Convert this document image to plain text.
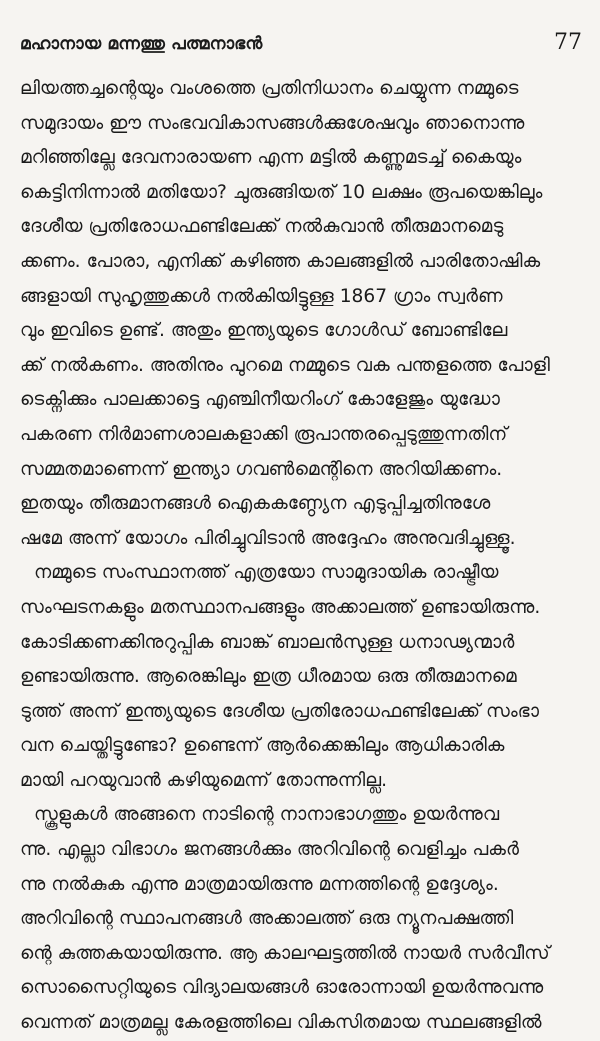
മഹാനായ മന്നത്തു പത്മനാഭൻ	77
ലിയത്തച്ചന്റെയും വംശത്തെ പ്രതിനിധാനം ചെയ്യുന്ന നമ്മുടെ
സമുദായം ഈ സംഭവവികാസങ്ങൾക്കുശേഷവും ഞാനൊന്നു
മറിഞ്ഞില്ലേ ദേവനാരായണ എന്ന മട്ടിൽ കണ്ണുമടച്ച് കൈയും
കെട്ടിനിന്നാൽ മതിയോ? ചുരുങ്ങിയത് 10 ലക്ഷം രൂപയെങ്കിലും
ദേശീയ പ്രതിരോധഫണ്ടിലേക്ക് നൽകുവാൻ തീരുമാനമെടു
ക്കണം. പോരാ, എനിക്ക് കഴിഞ്ഞ കാലങ്ങളിൽ പാരിതോഷിക
ങ്ങളായി സുഹൃത്തുക്കൾ നൽകിയിട്ടുള്ള 1867 ഗ്രാം സ്വർണ
വും ഇവിടെ ഉണ്ട്. അതും ഇന്ത്യയുടെ ഗോൾഡ് ബോണ്ടിലേ
ക്ക് നൽകണം. അതിനും പുറമെ നമ്മുടെ വക പന്തളത്തെ പോളി
ടെക്നിക്കും പാലക്കാട്ടെ എഞ്ചിനീയറിംഗ് കോളേജും യുദ്ധോ
പകരണ നിർമാണശാലകളാക്കി രൂപാന്തരപ്പെടുത്തുന്നതിന്
സമ്മതമാണെന്ന് ഇന്ത്യാ ഗവൺമെന്റിനെ അറിയിക്കണം.
ഇതയും തീരുമാനങ്ങൾ ഐകകണ്ഠ്യേന എടുപ്പിച്ചതിനുശേ
ഷമേ അന്ന് യോഗം പിരിച്ചുവിടാൻ അദ്ദേഹം അനുവദിച്ചുള്ളൂ.
നമ്മുടെ സംസ്ഥാനത്ത് എത്രയോ സാമുദായിക രാഷ്ട്രീയ
സംഘടനകളും മതസ്ഥാനപങ്ങളും അക്കാലത്ത് ഉണ്ടായിരുന്നു.
കോടിക്കണക്കിനുറുപ്പിക ബാങ്ക് ബാലൻസുള്ള ധനാഢ്യന്മാർ
ഉണ്ടായിരുന്നു. ആരെങ്കിലും ഇത്ര ധീരമായ ഒരു തീരുമാനമെ
ടുത്ത് അന്ന് ഇന്ത്യയുടെ ദേശീയ പ്രതിരോധഫണ്ടിലേക്ക് സംഭാ
വന ചെയ്തിട്ടുണ്ടോ? ഉണ്ടെന്ന് ആർക്കെങ്കിലും ആധികാരിക
മായി പറയുവാൻ കഴിയുമെന്ന് തോന്നുന്നില്ല.
സ്കൂളുകൾ അങ്ങനെ നാടിന്റെ നാനാഭാഗത്തും ഉയർന്നുവ
ന്നു. എല്ലാ വിഭാഗം ജനങ്ങൾക്കും അറിവിന്റെ വെളിച്ചം പകർ
ന്നു നൽകുക എന്നു മാത്രമായിരുന്നു മന്നത്തിന്റെ ഉദ്ദേശ്യം.
അറിവിന്റെ സ്ഥാപനങ്ങൾ അക്കാലത്ത് ഒരു ന്യൂനപക്ഷത്തി
ന്റെ കുത്തകയായിരുന്നു. ആ കാലഘട്ടത്തിൽ നായർ സർവീസ്
സൊസൈറ്റിയുടെ വിദ്യാലയങ്ങൾ ഓരോന്നായി ഉയർന്നുവന്നു
വെന്നത് മാത്രമല്ല കേരളത്തിലെ വികസിതമായ സ്ഥലങ്ങളിൽ
